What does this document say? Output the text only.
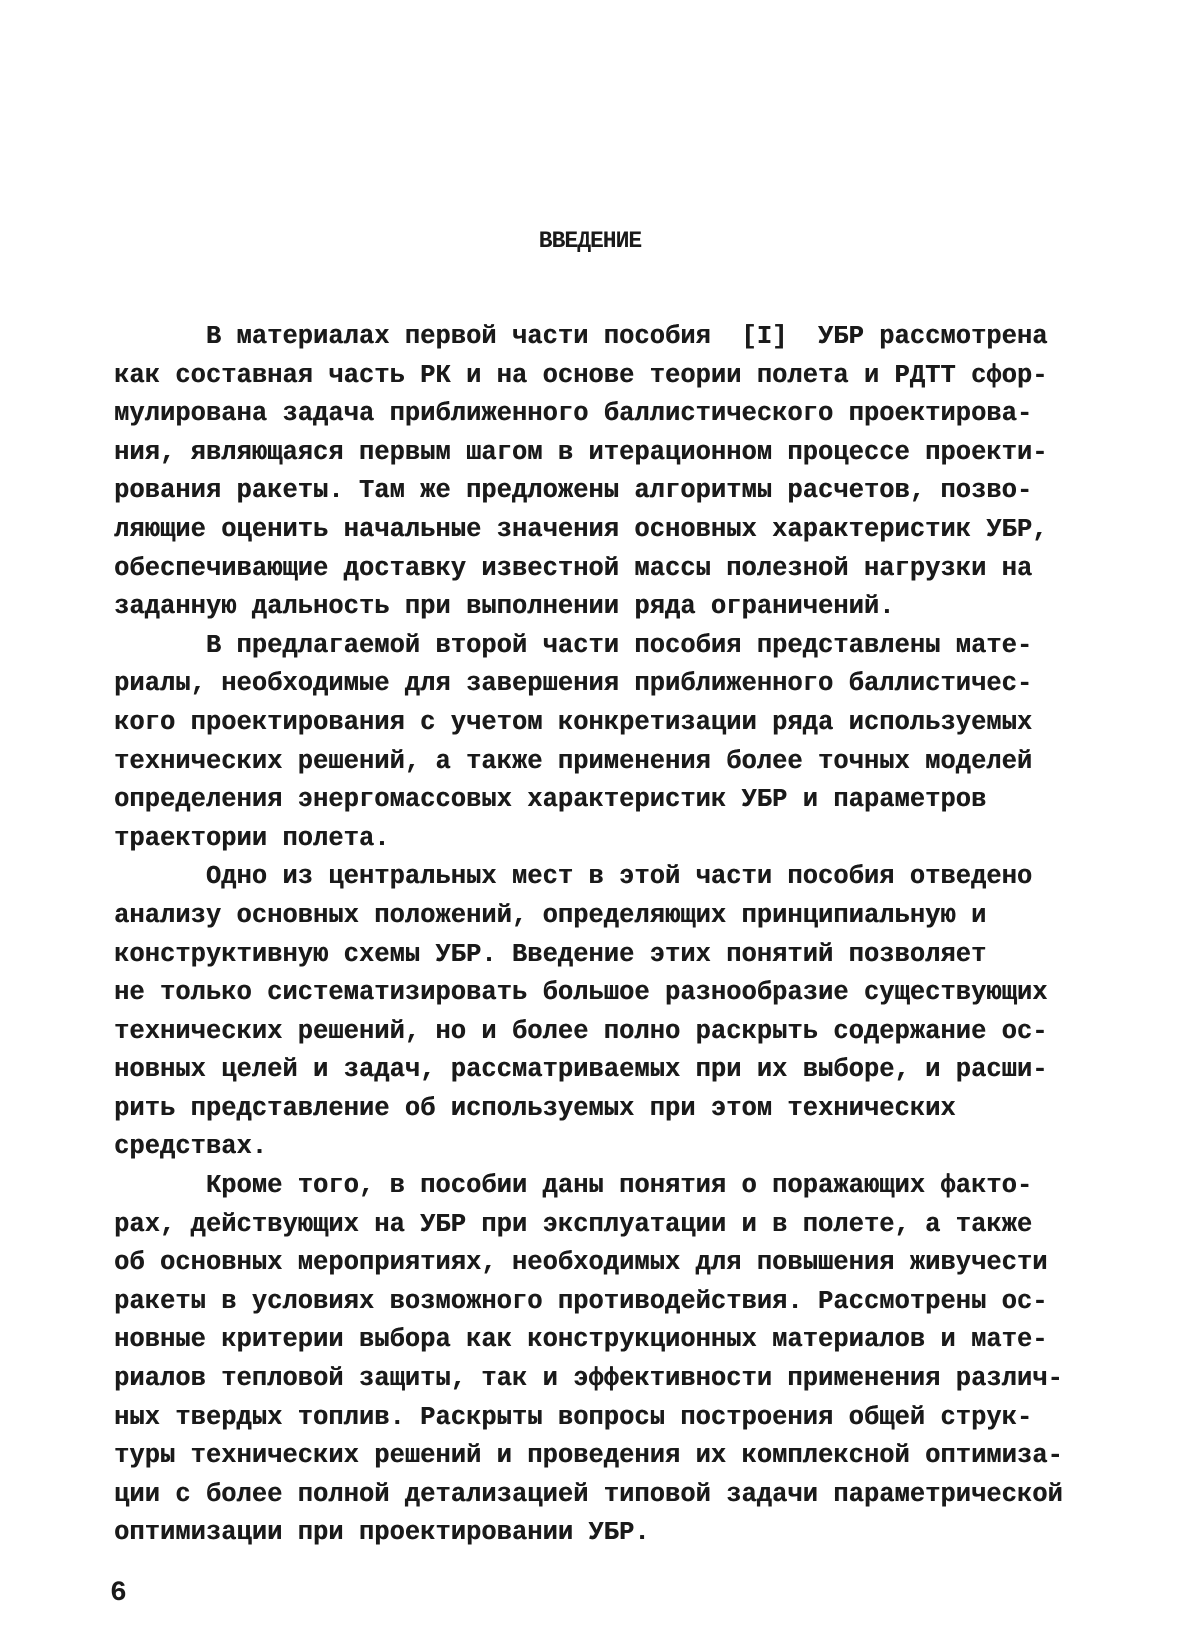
ВВЕДЕНИЕ
В материалах первой части пособия  [I]  УБР рассмотрена
как составная часть РК и на основе теории полета и РДТТ сфор-
мулирована задача приближенного баллистического проектирова-
ния, являющаяся первым шагом в итерационном процессе проекти-
рования ракеты. Там же предложены алгоритмы расчетов, позво-
ляющие оценить начальные значения основных характеристик УБР,
обеспечивающие доставку известной массы полезной нагрузки на
заданную дальность при выполнении ряда ограничений.
В предлагаемой второй части пособия представлены мате-
риалы, необходимые для завершения приближенного баллистичес-
кого проектирования с учетом конкретизации ряда используемых
технических решений, а также применения более точных моделей
определения энергомассовых характеристик УБР и параметров
траектории полета.
Одно из центральных мест в этой части пособия отведено
анализу основных положений, определяющих принципиальную и
конструктивную схемы УБР. Введение этих понятий позволяет
не только систематизировать большое разнообразие существующих
технических решений, но и более полно раскрыть содержание ос-
новных целей и задач, рассматриваемых при их выборе, и расши-
рить представление об используемых при этом технических
средствах.
Кроме того, в пособии даны понятия о поражающих факто-
рах, действующих на УБР при эксплуатации и в полете, а также
об основных мероприятиях, необходимых для повышения живучести
ракеты в условиях возможного противодействия. Рассмотрены ос-
новные критерии выбора как конструкционных материалов и мате-
риалов тепловой защиты, так и эффективности применения различ-
ных твердых топлив. Раскрыты вопросы построения общей струк-
туры технических решений и проведения их комплексной оптимиза-
ции с более полной детализацией типовой задачи параметрической
оптимизации при проектировании УБР.
6
